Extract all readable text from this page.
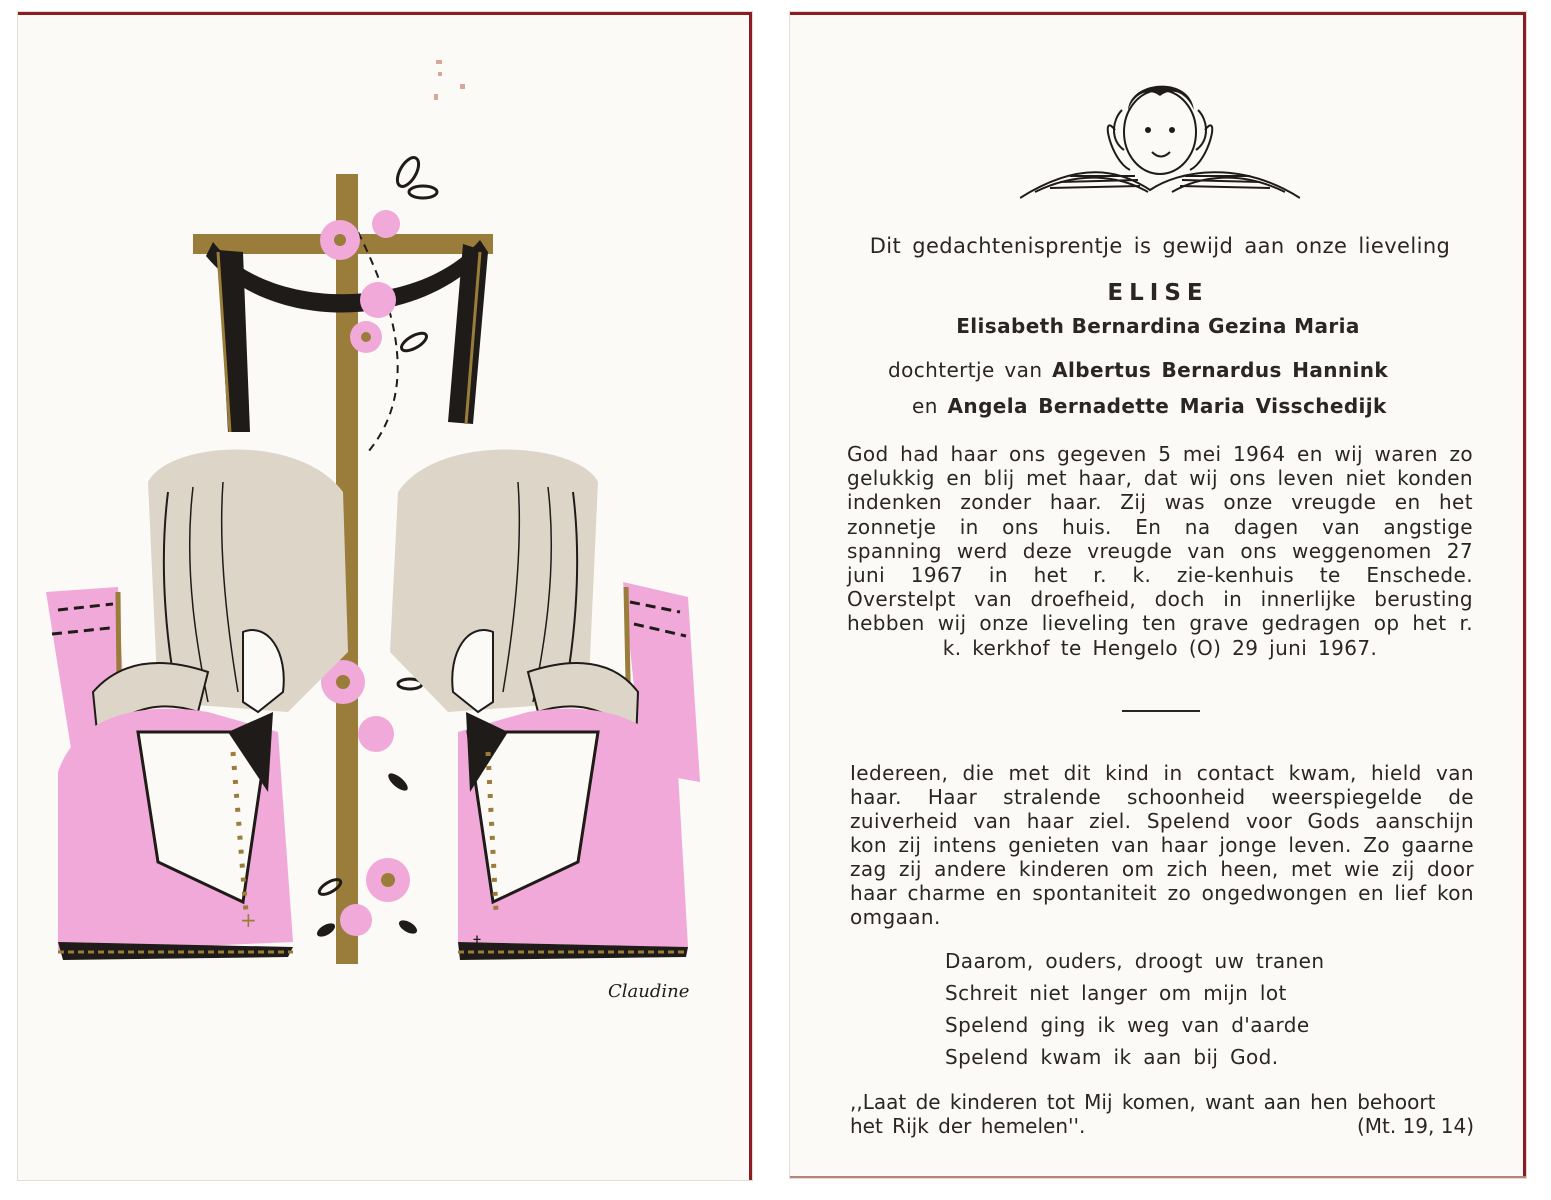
+
†
Claudine
Dit gedachtenisprentje is gewijd aan onze lieveling
ELISE
Elisabeth Bernardina Gezina Maria
dochtertje van Albertus Bernardus Hannink
en Angela Bernadette Maria Visschedijk
God had haar ons gegeven 5 mei 1964 en wij waren zo gelukkig en blij met haar, dat wij ons leven niet konden indenken zonder haar. Zij was onze vreugde en het zonnetje in ons huis. En na dagen van angstige spanning werd deze vreugde van ons weggenomen 27 juni 1967 in het r. k. zie-kenhuis te Enschede. Overstelpt van droefheid, doch in innerlijke berusting hebben wij onze lieveling ten grave gedragen op het r. k. kerkhof te Hengelo (O) 29 juni 1967.
Iedereen, die met dit kind in contact kwam, hield van haar. Haar stralende schoonheid weerspiegelde de zuiverheid van haar ziel. Spelend voor Gods aanschijn kon zij intens genieten van haar jonge leven. Zo gaarne zag zij andere kinderen om zich heen, met wie zij door haar charme en spontaniteit zo ongedwongen en lief kon omgaan.
Daarom, ouders, droogt uw tranen
Schreit niet langer om mijn lot
Spelend ging ik weg van d'aarde
Spelend kwam ik aan bij God.
,,Laat de kinderen tot Mij komen, want aan hen behoort het Rijk der hemelen''.	(Mt. 19, 14)
